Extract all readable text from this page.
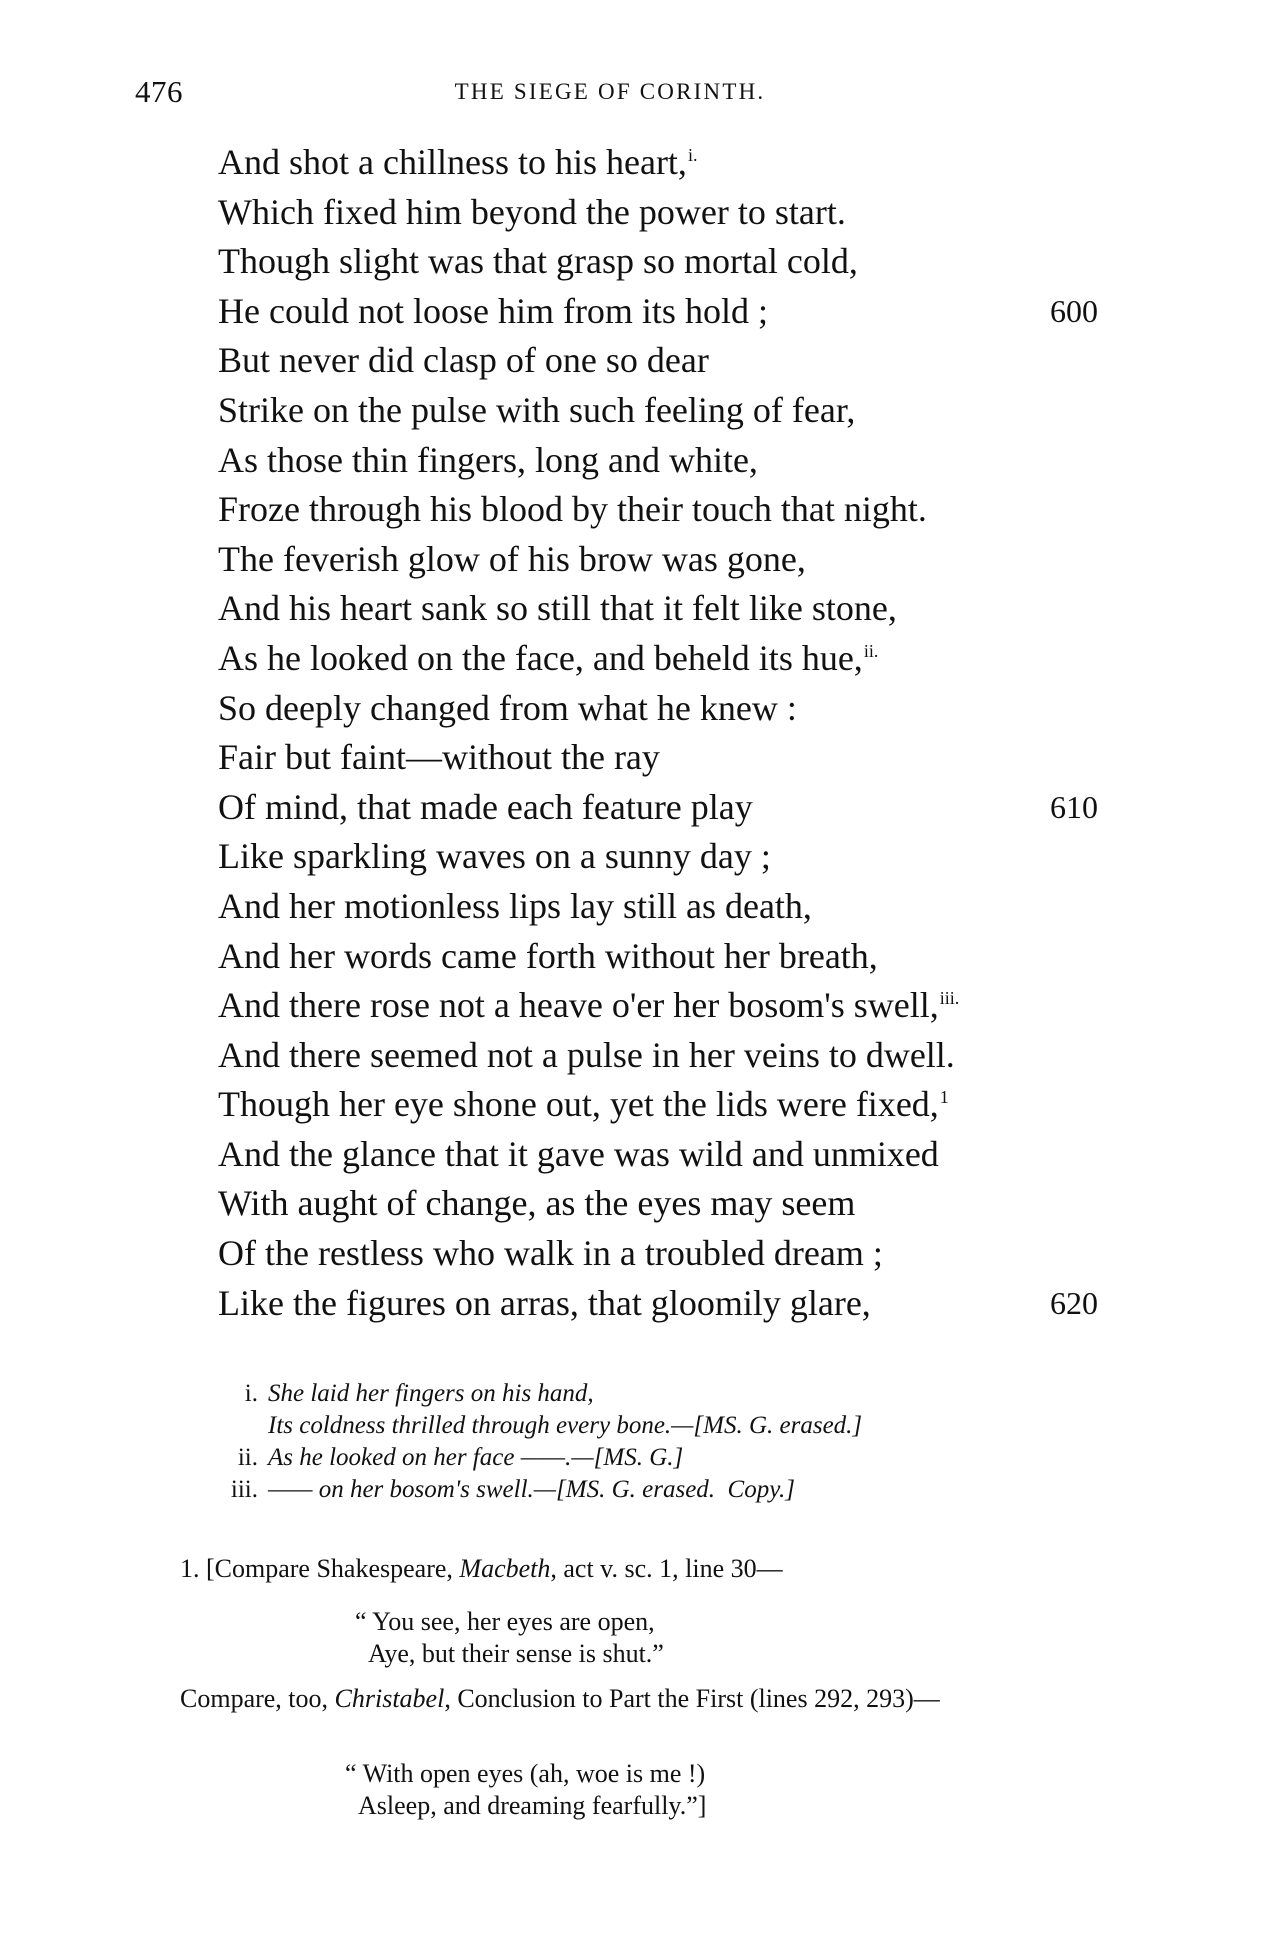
476	THE SIEGE OF CORINTH.
And shot a chillness to his heart,$^{i.}$
Which fixed him beyond the power to start.
Though slight was that grasp so mortal cold,
He could not loose him from its hold ;	600
But never did clasp of one so dear
Strike on the pulse with such feeling of fear,
As those thin fingers, long and white,
Froze through his blood by their touch that night.
The feverish glow of his brow was gone,
And his heart sank so still that it felt like stone,
As he looked on the face, and beheld its hue,$^{ii.}$
So deeply changed from what he knew :
Fair but faint—without the ray
Of mind, that made each feature play	610
Like sparkling waves on a sunny day ;
And her motionless lips lay still as death,
And her words came forth without her breath,
And there rose not a heave o'er her bosom's swell,$^{iii.}$
And there seemed not a pulse in her veins to dwell.
Though her eye shone out, yet the lids were fixed,$^1$
And the glance that it gave was wild and unmixed
With aught of change, as the eyes may seem
Of the restless who walk in a troubled dream ;
Like the figures on arras, that gloomily glare,	620
i. She laid her fingers on his hand,
Its coldness thrilled through every bone.—[MS. G. erased.]
ii. As he looked on her face ——.—[MS. G.]
iii. —— on her bosom's swell.—[MS. G. erased. Copy.]
1. [Compare Shakespeare, Macbeth, act v. sc. 1, line 30—
“ You see, her eyes are open,
Aye, but their sense is shut.”
Compare, too, Christabel, Conclusion to Part the First (lines 292, 293)—
“ With open eyes (ah, woe is me !)
Asleep, and dreaming fearfully.”]
